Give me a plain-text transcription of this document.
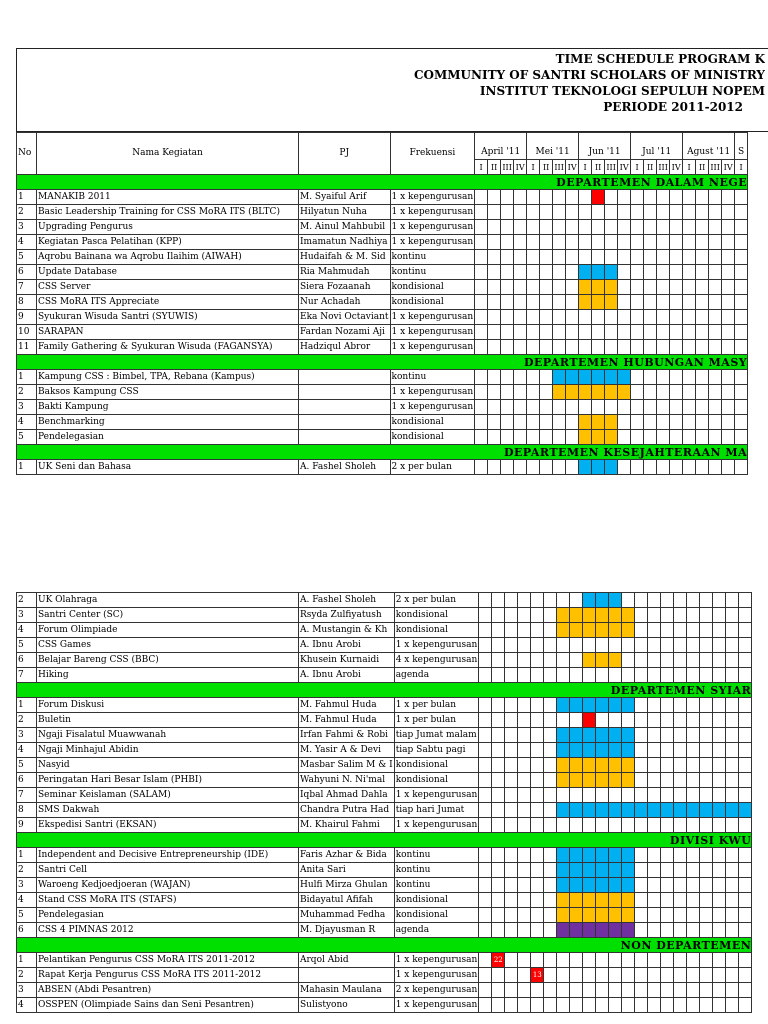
TIME SCHEDULE PROGRAM K
COMMUNITY OF SANTRI SCHOLARS OF MINISTRY
INSTITUT TEKNOLOGI SEPULUH NOPEM
PERIODE 2011-2012
No	Nama Kegiatan	PJ	Frekuensi	April '11				Mei '11				Jun '11				Jul '11				Agust '11				S
				I	II	III	IV	I	II	III	IV	I	II	III	IV	I	II	III	IV	I	II	III	IV	I
DEPARTEMEN DALAM NEGE																								
1	MANAKIB 2011	M. Syaiful Arif	1 x kepengurusan																					
2	Basic Leadership Training for CSS MoRA ITS (BLTC)	Hilyatun Nuha	1 x kepengurusan																					
3	Upgrading Pengurus	M. Ainul Mahbubil	1 x kepengurusan																					
4	Kegiatan Pasca Pelatihan (KPP)	Imamatun Nadhiya	1 x kepengurusan																					
5	Aqrobu Bainana wa Aqrobu Ilaihim (AIWAH)	Hudaifah & M. Sid	kontinu																					
6	Update Database	Ria Mahmudah	kontinu																					
7	CSS Server	Siera Fozaanah	kondisional																					
8	CSS MoRA ITS Appreciate	Nur Achadah	kondisional																					
9	Syukuran Wisuda Santri (SYUWIS)	Eka Novi Octaviant	1 x kepengurusan																					
10	SARAPAN	Fardan Nozami Aji	1 x kepengurusan																					
11	Family Gathering & Syukuran Wisuda (FAGANSYA)	Hadziqul Abror	1 x kepengurusan																					
DEPARTEMEN HUBUNGAN MASY																								
1	Kampung CSS : Bimbel, TPA, Rebana (Kampus)		kontinu																					
2	Baksos Kampung CSS		1 x kepengurusan																					
3	Bakti Kampung		1 x kepengurusan																					
4	Benchmarking		kondisional																					
5	Pendelegasian		kondisional																					
DEPARTEMEN KESEJAHTERAAN MA																								
1	UK Seni dan Bahasa	A. Fashel Sholeh	2 x per bulan																					
2	UK Olahraga	A. Fashel Sholeh	2 x per bulan																					
3	Santri Center (SC)	Rsyda Zulfiyatush	kondisional																					
4	Forum Olimpiade	A. Mustangin & Kh	kondisional																					
5	CSS Games	A. Ibnu Arobi	1 x kepengurusan																					
6	Belajar Bareng CSS (BBC)	Khusein Kurnaidi	4 x kepengurusan																					
7	Hiking	A. Ibnu Arobi	agenda																					
DEPARTEMEN SYIAR																								
1	Forum Diskusi	M. Fahmul Huda	1 x per bulan																					
2	Buletin	M. Fahmul Huda	1 x per bulan																					
3	Ngaji Fisalatul Muawwanah	Irfan Fahmi & Robi	tiap Jumat malam																					
4	Ngaji Minhajul Abidin	M. Yasir A & Devi	tiap Sabtu pagi																					
5	Nasyid	Masbar Salim M & I	kondisional																					
6	Peringatan Hari Besar Islam (PHBI)	Wahyuni N. Ni'mal	kondisional																					
7	Seminar Keislaman (SALAM)	Iqbal Ahmad Dahla	1 x kepengurusan																					
8	SMS Dakwah	Chandra Putra Had	tiap hari Jumat																					
9	Ekspedisi Santri (EKSAN)	M. Khairul Fahmi	1 x kepengurusan																					
DIVISI KWU																								
1	Independent and Decisive Entrepreneurship (IDE)	Faris Azhar & Bida	kontinu																					
2	Santri Cell	Anita Sari	kontinu																					
3	Waroeng Kedjoedjoeran (WAJAN)	Hulfi Mirza Ghulan	kontinu																					
4	Stand CSS MoRA ITS (STAFS)	Bidayatul Afifah	kondisional																					
5	Pendelegasian	Muhammad Fedha	kondisional																					
6	CSS 4 PIMNAS 2012	M. Djayusman R	agenda																					
NON DEPARTEMEN																								
1	Pelantikan Pengurus CSS MoRA ITS 2011-2012	Arqol Abid	1 x kepengurusan		22																			
2	Rapat Kerja Pengurus CSS MoRA ITS 2011-2012		1 x kepengurusan					13																
3	ABSEN (Abdi Pesantren)	Mahasin Maulana	2 x kepengurusan																					
4	OSSPEN (Olimpiade Sains dan Seni Pesantren)	Sulistyono	1 x kepengurusan																					
